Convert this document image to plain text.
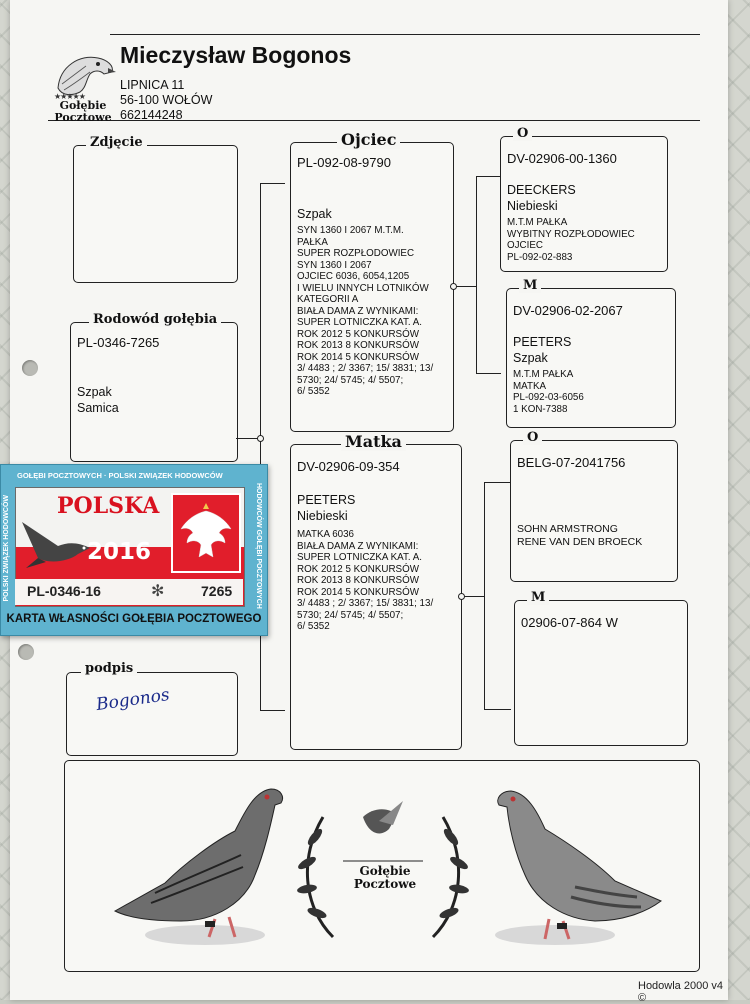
★★★★★
Gołębie
Pocztowe
Mieczysław Bogonos
LIPNICA 11
56-100 WOŁÓW
662144248
Zdjęcie
Rodowód gołębia
PL-0346-7265
Szpak
Samica
Ojciec
PL-092-08-9790
Szpak
SYN 1360 I 2067 M.T.M.
PAŁKA
SUPER ROZPŁODOWIEC
SYN 1360 I 2067
OJCIEC 6036, 6054,1205
I WIELU INNYCH LOTNIKÓW
KATEGORII A
BIAŁA DAMA Z WYNIKAMI:
SUPER LOTNICZKA KAT. A.
ROK 2012 5 KONKURSÓW
ROK 2013 8 KONKURSÓW
ROK 2014 5 KONKURSÓW
3/ 4483 ; 2/ 3367; 15/ 3831; 13/
5730; 24/ 5745; 4/ 5507;
6/ 5352
O
DV-02906-00-1360
DEECKERS
Niebieski
M.T.M PAŁKA
WYBITNY ROZPŁODOWIEC
OJCIEC
PL-092-02-883
M
DV-02906-02-2067
PEETERS
Szpak
M.T.M PAŁKA
MATKA
PL-092-03-6056
1 KON-7388
Matka
DV-02906-09-354
PEETERS
Niebieski
MATKA 6036
BIAŁA DAMA Z WYNIKAMI:
SUPER LOTNICZKA KAT. A.
ROK 2012 5 KONKURSÓW
ROK 2013 8 KONKURSÓW
ROK 2014 5 KONKURSÓW
3/ 4483 ; 2/ 3367; 15/ 3831; 13/
5730; 24/ 5745; 4/ 5507;
6/ 5352
O
BELG-07-2041756
SOHN ARMSTRONG
RENE VAN DEN BROECK
M
02906-07-864 W
podpis
Bogonos
Gołębie
Pocztowe
Hodowla 2000 v4 ©
GOŁĘBI POCZTOWYCH · POLSKI ZWIĄZEK HODOWCÓW
POLSKI ZWIĄZEK HODOWCÓW	HODOWCÓW GOŁĘBI POCZTOWYCH
POLSKA
2016
PL-0346-16	✻	7265
KARTA WŁASNOŚCI GOŁĘBIA POCZTOWEGO
